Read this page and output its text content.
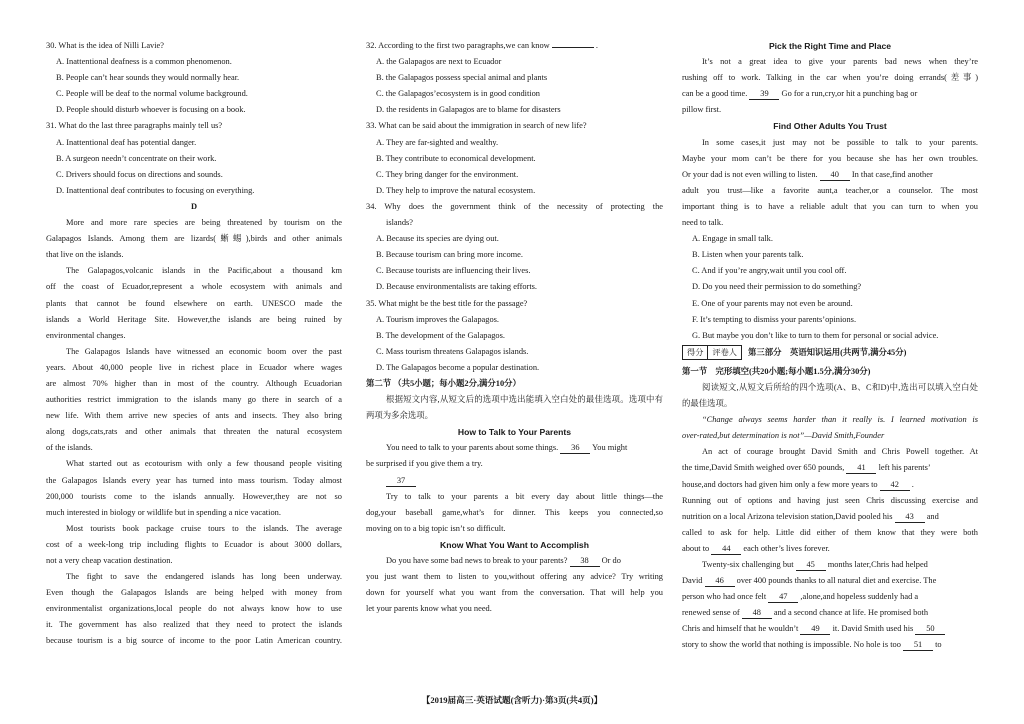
30. What is the idea of Nilli Lavie?
A. Inattentional deafness is a common phenomenon.
B. People can’t hear sounds they would normally hear.
C. People will be deaf to the normal volume background.
D. People should disturb whoever is focusing on a book.
31. What do the last three paragraphs mainly tell us?
A. Inattentional deaf has potential danger.
B. A surgeon needn’t concentrate on their work.
C. Drivers should focus on directions and sounds.
D. Inattentional deaf contributes to focusing on everything.
D
More and more rare species are being threatened by tourism on the
Galapagos Islands. Among them are lizards(蜥蜴),birds and other animals
that live on the islands.
The Galapagos,volcanic islands in the Pacific,about a thousand km
off the coast of Ecuador,represent a whole ecosystem with animals and
plants that cannot be found elsewhere on earth. UNESCO made the
islands a World Heritage Site. However,the islands are being ruined by
environmental changes.
The Galapagos Islands have witnessed an economic boom over the past
years. About 40,000 people live in richest place in Ecuador where wages
are almost 70% higher than in most of the country. Although Ecuadorian
authorities restrict immigration to the islands many go there in search of a
new life. With them arrive new species of ants and insects. They also bring
along dogs,cats,rats and other animals that threaten the natural ecosystem
of the islands.
What started out as ecotourism with only a few thousand people visiting
the Galapagos Islands every year has turned into mass tourism. Today almost
200,000 tourists come to the islands annually. However,they are not so
much interested in biology or wildlife but in spending a nice vacation.
Most tourists book package cruise tours to the islands. The average
cost of a week-long trip including flights to Ecuador is about 3000 dollars,
not a very cheap vacation destination.
The fight to save the endangered islands has long been underway.
Even though the Galapagos Islands are being helped with money from
environmentalist organizations,local people do not always know how to use
it. The government has also realized that they need to protect the islands
because tourism is a big source of income to the poor Latin American country.
32. According to the first two paragraphs,we can know	.
A. the Galapagos are next to Ecuador
B. the Galapagos possess special animal and plants
C. the Galapagos’ecosystem is in good condition
D. the residents in Galapagos are to blame for disasters
33. What can be said about the immigration in search of new life?
A. They are far-sighted and wealthy.
B. They contribute to economical development.
C. They bring danger for the environment.
D. They help to improve the natural ecosystem.
34. Why does the government think of the necessity of protecting the
islands?
A. Because its species are dying out.
B. Because tourism can bring more income.
C. Because tourists are influencing their lives.
D. Because environmentalists are taking efforts.
35. What might be the best title for the passage?
A. Tourism improves the Galapagos.
B. The development of the Galapagos.
C. Mass tourism threatens Galapagos islands.
D. The Galapagos become a popular destination.
第二节 （共5小题；每小题2分,满分10分）
根据短文内容,从短文后的选项中选出能填入空白处的最佳选项。选项中有
两项为多余选项。
How to Talk to Your Parents
You need to talk to your parents about some things. 36 You might
be surprised if you give them a try.
37
Try to talk to your parents a bit every day about little things—the
dog,your baseball game,what’s for dinner. This keeps you connected,so
moving on to a big topic isn’t so difficult.
Know What You Want to Accomplish
Do you have some bad news to break to your parents? 38 Or do
you just want them to listen to you,without offering any advice? Try writing
down for yourself what you want from the conversation. That will help you
let your parents know what you need.
Pick the Right Time and Place
It’s not a great idea to give your parents bad news when they’re
rushing off to work. Talking in the car when you’re doing errands(差事)
can be a good time. 39 Go for a run,cry,or hit a punching bag or
pillow first.
Find Other Adults You Trust
In some cases,it just may not be possible to talk to your parents.
Maybe your mom can’t be there for you because she has her own troubles.
Or your dad is not even willing to listen. 40 In that case,find another
adult you trust—like a favorite aunt,a teacher,or a counselor. The most
important thing is to have a reliable adult that you can turn to when you
need to talk.
A. Engage in small talk.
B. Listen when your parents talk.
C. And if you’re angry,wait until you cool off.
D. Do you need their permission to do something?
E. One of your parents may not even be around.
F. It’s tempting to dismiss your parents’opinions.
G. But maybe you don’t like to turn to them for personal or social advice.
得分	评卷人	第三部分　英语知识运用(共两节,满分45分)
第一节　完形填空(共20小题;每小题1.5分,满分30分)
阅读短文,从短文后所给的四个选项(A、B、C和D)中,选出可以填入空白处
的最佳选项。
“Change always seems harder than it really is. I learned motivation is
over-rated,but determination is not”—David Smith,Founder
An act of courage brought David Smith and Chris Powell together. At
the time,David Smith weighed over 650 pounds, 41 left his parents’
house,and doctors had given him only a few more years to 42 .
Running out of options and having just seen Chris discussing exercise and
nutrition on a local Arizona television station,David pooled his 43 and
called to ask for help. Little did either of them know that they were both
about to 44 each other’s lives forever.
Twenty-six challenging but 45 months later,Chris had helped
David 46 over 400 pounds thanks to all natural diet and exercise. The
person who had once felt 47 ,alone,and hopeless suddenly had a
renewed sense of 48 and a second chance at life. He promised both
Chris and himself that he wouldn’t 49 it. David Smith used his 50
story to show the world that nothing is impossible. No hole is too 51 to
【2019届高三·英语试题(含听力)·第3页(共4页)】
